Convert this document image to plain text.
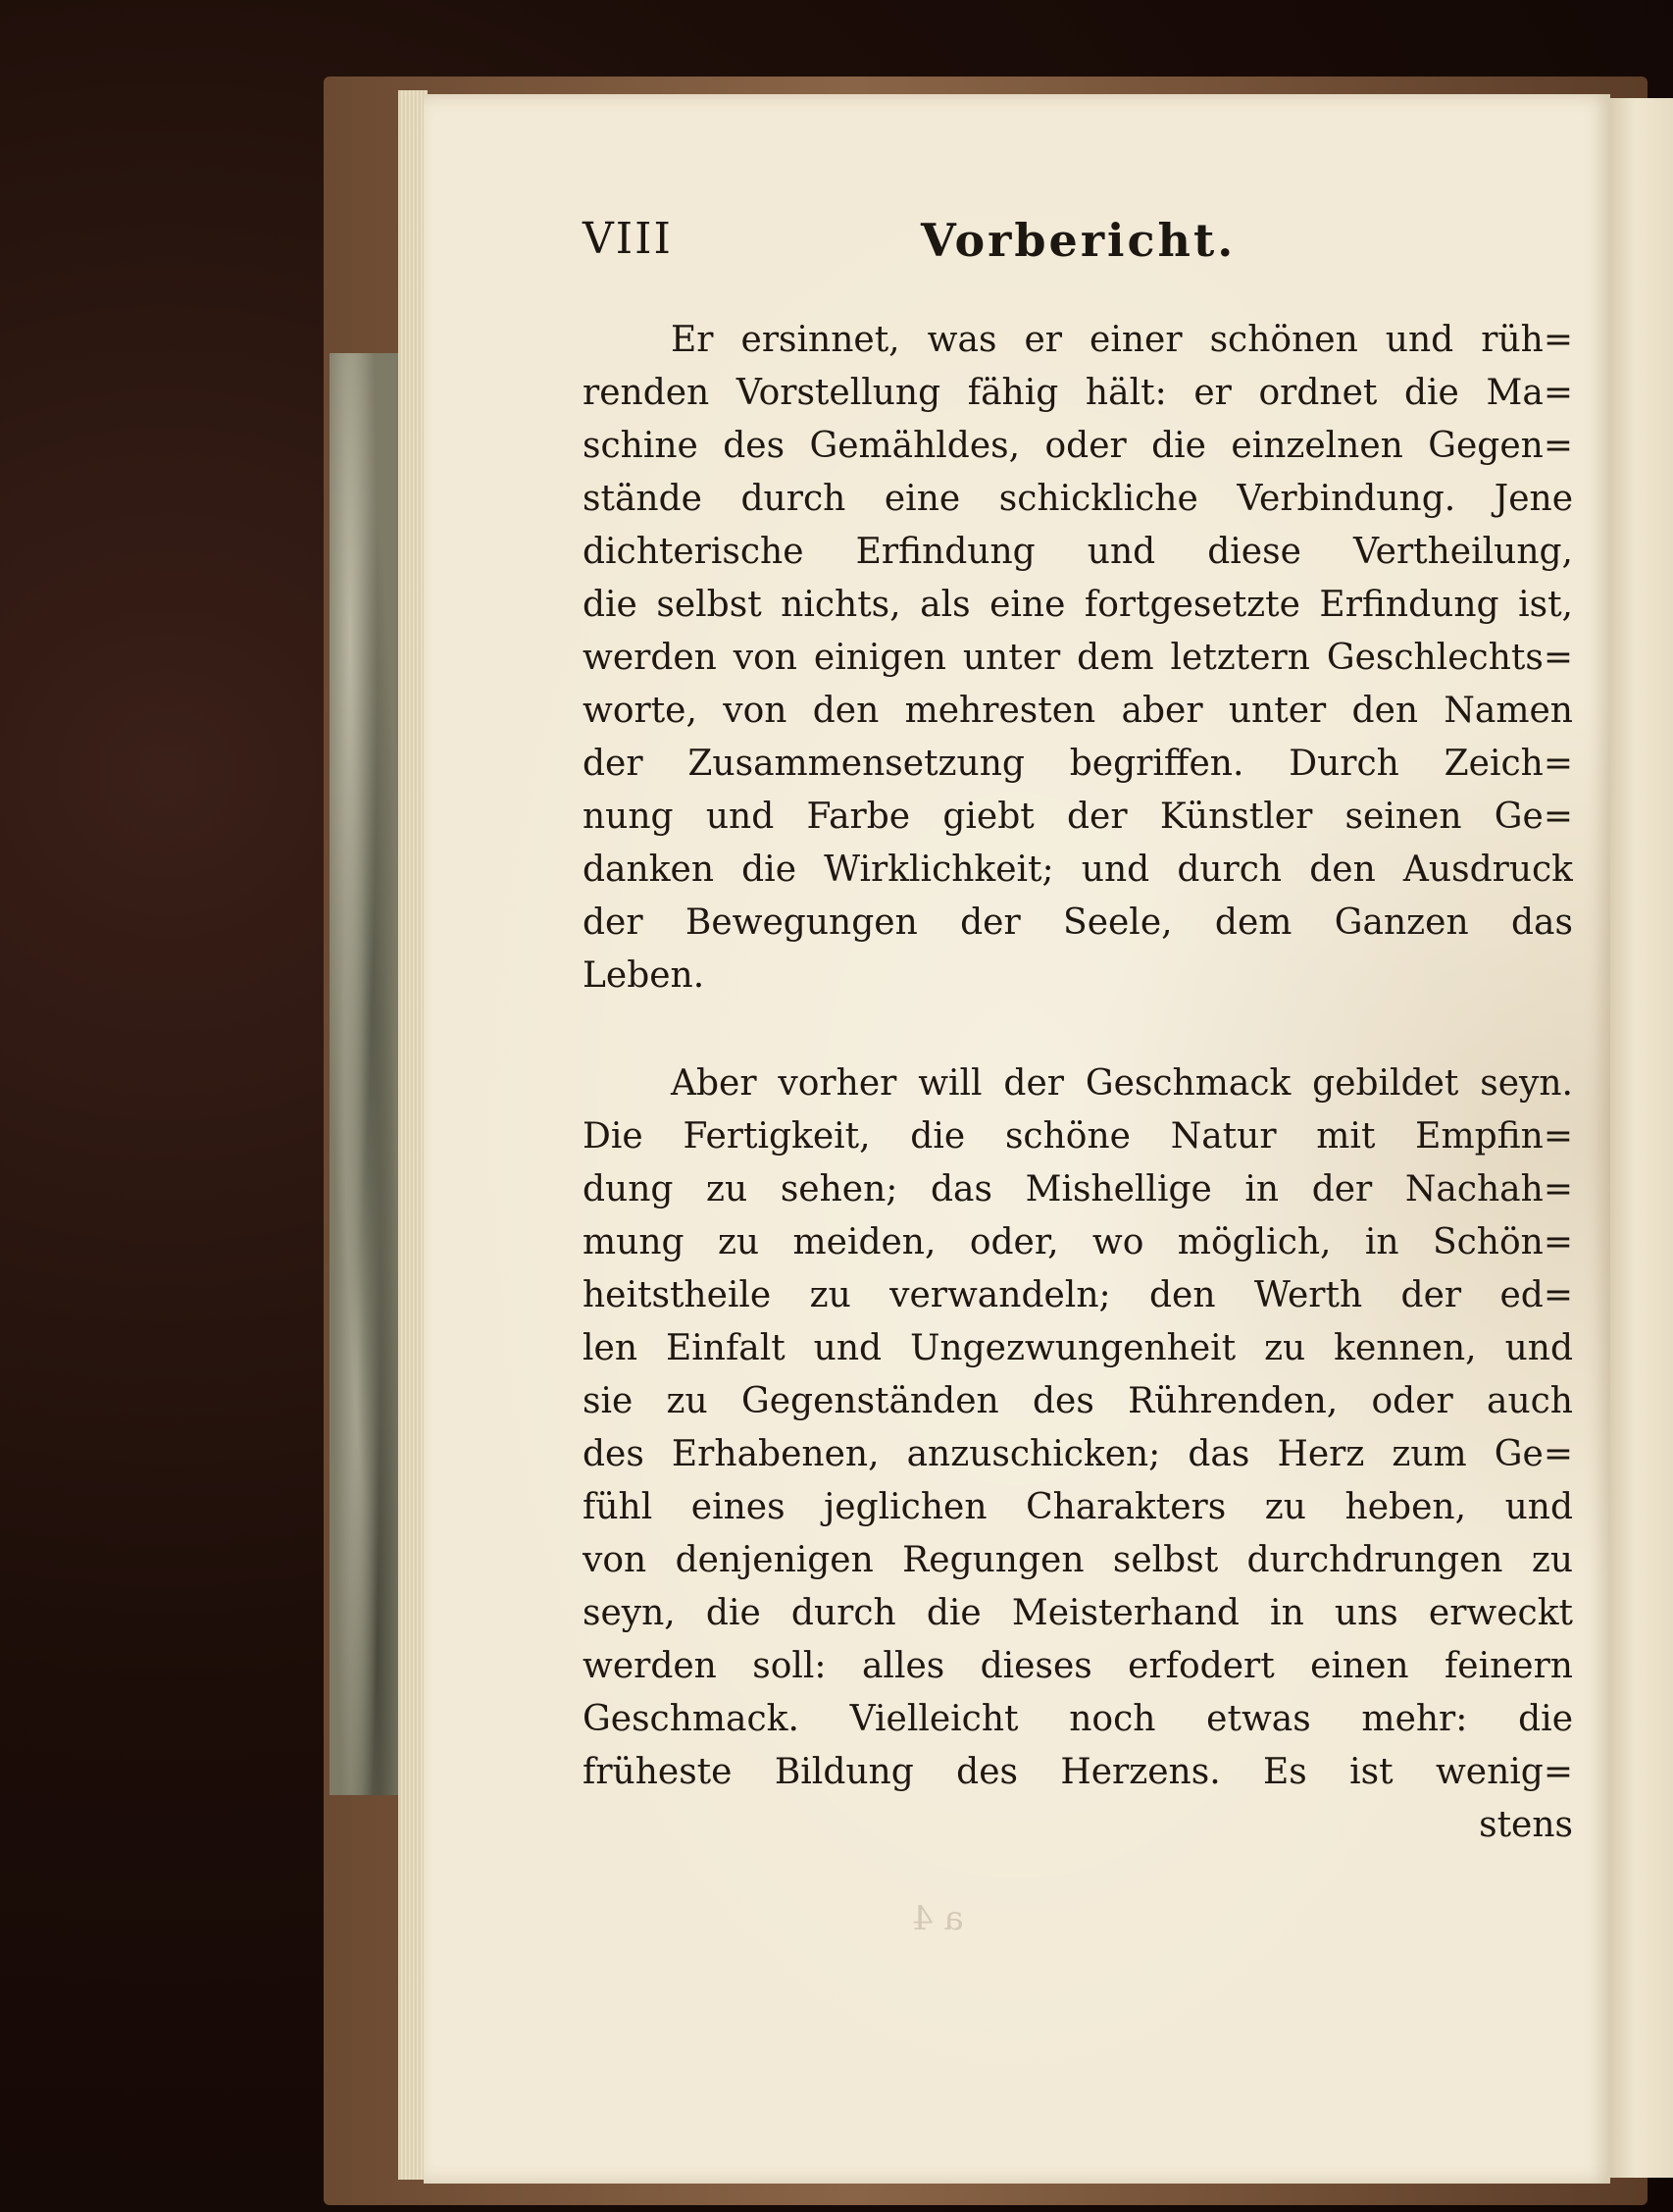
VIII	Vorbericht.
Er ersinnet, was er einer schönen und rüh=
renden Vorstellung fähig hält: er ordnet die Ma=
schine des Gemähldes, oder die einzelnen Gegen=
stände durch eine schickliche Verbindung. Jene
dichterische Erfindung und diese Vertheilung,
die selbst nichts, als eine fortgesetzte Erfindung ist,
werden von einigen unter dem letztern Geschlechts=
worte, von den mehresten aber unter den Namen
der Zusammensetzung begriffen. Durch Zeich=
nung und Farbe giebt der Künstler seinen Ge=
danken die Wirklichkeit; und durch den Ausdruck
der Bewegungen der Seele, dem Ganzen das
Leben.
Aber vorher will der Geschmack gebildet seyn.
Die Fertigkeit, die schöne Natur mit Empfin=
dung zu sehen; das Mishellige in der Nachah=
mung zu meiden, oder, wo möglich, in Schön=
heitstheile zu verwandeln; den Werth der ed=
len Einfalt und Ungezwungenheit zu kennen, und
sie zu Gegenständen des Rührenden, oder auch
des Erhabenen, anzuschicken; das Herz zum Ge=
fühl eines jeglichen Charakters zu heben, und
von denjenigen Regungen selbst durchdrungen zu
seyn, die durch die Meisterhand in uns erweckt
werden soll: alles dieses erfodert einen feinern
Geschmack. Vielleicht noch etwas mehr: die
früheste Bildung des Herzens. Es ist wenig=
stens
a 4
